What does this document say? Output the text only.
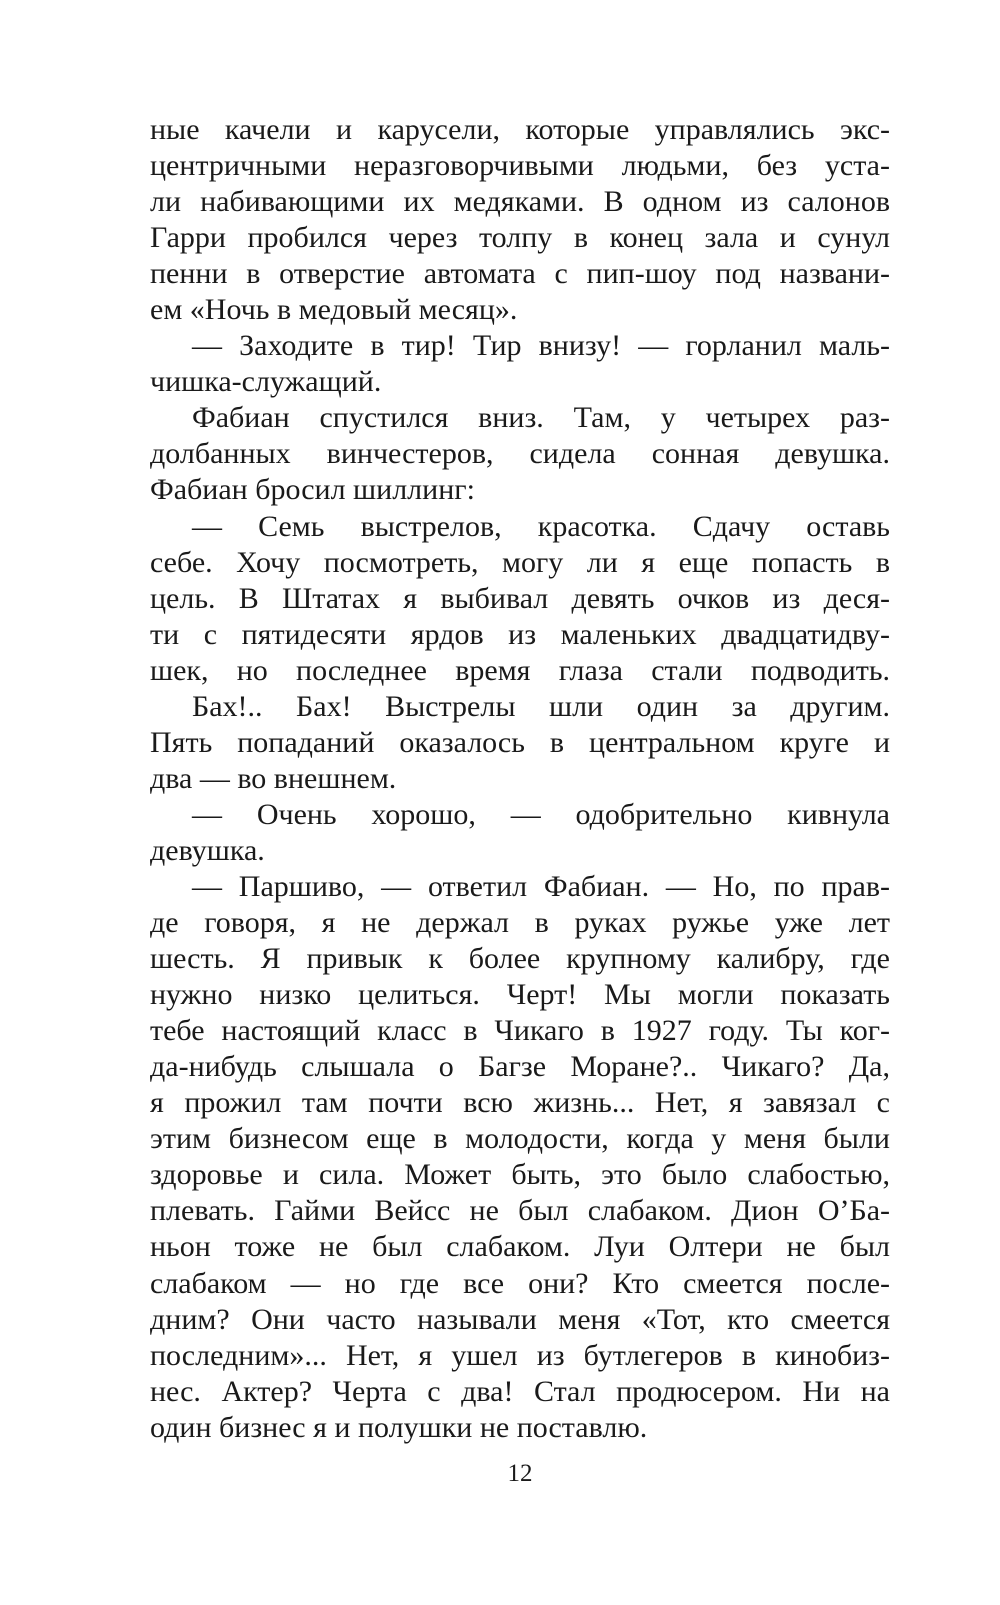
ные качели и карусели, которые управлялись экс-
центричными неразговорчивыми людьми, без уста-
ли набивающими их медяками. В одном из салонов
Гарри пробился через толпу в конец зала и сунул
пенни в отверстие автомата с пип-шоу под названи-
ем «Ночь в медовый месяц».
— Заходите в тир! Тир внизу! — горланил маль-
чишка-служащий.
Фабиан спустился вниз. Там, у четырех раз-
долбанных винчестеров, сидела сонная девушка.
Фабиан бросил шиллинг:
— Семь выстрелов, красотка. Сдачу оставь
себе. Хочу посмотреть, могу ли я еще попасть в
цель. В Штатах я выбивал девять очков из деся-
ти с пятидесяти ярдов из маленьких двадцатидву-
шек, но последнее время глаза стали подводить.
Бах!.. Бах! Выстрелы шли один за другим.
Пять попаданий оказалось в центральном круге и
два — во внешнем.
— Очень хорошо, — одобрительно кивнула
девушка.
— Паршиво, — ответил Фабиан. — Но, по прав-
де говоря, я не держал в руках ружье уже лет
шесть. Я привык к более крупному калибру, где
нужно низко целиться. Черт! Мы могли показать
тебе настоящий класс в Чикаго в 1927 году. Ты ког-
да-нибудь слышала о Багзе Моране?.. Чикаго? Да,
я прожил там почти всю жизнь... Нет, я завязал с
этим бизнесом еще в молодости, когда у меня были
здоровье и сила. Может быть, это было слабостью,
плевать. Гайми Вейсс не был слабаком. Дион О’Ба-
ньон тоже не был слабаком. Луи Олтери не был
слабаком — но где все они? Кто смеется после-
дним? Они часто называли меня «Тот, кто смеется
последним»... Нет, я ушел из бутлегеров в кинобиз-
нес. Актер? Черта с два! Стал продюсером. Ни на
один бизнес я и полушки не поставлю.
12
